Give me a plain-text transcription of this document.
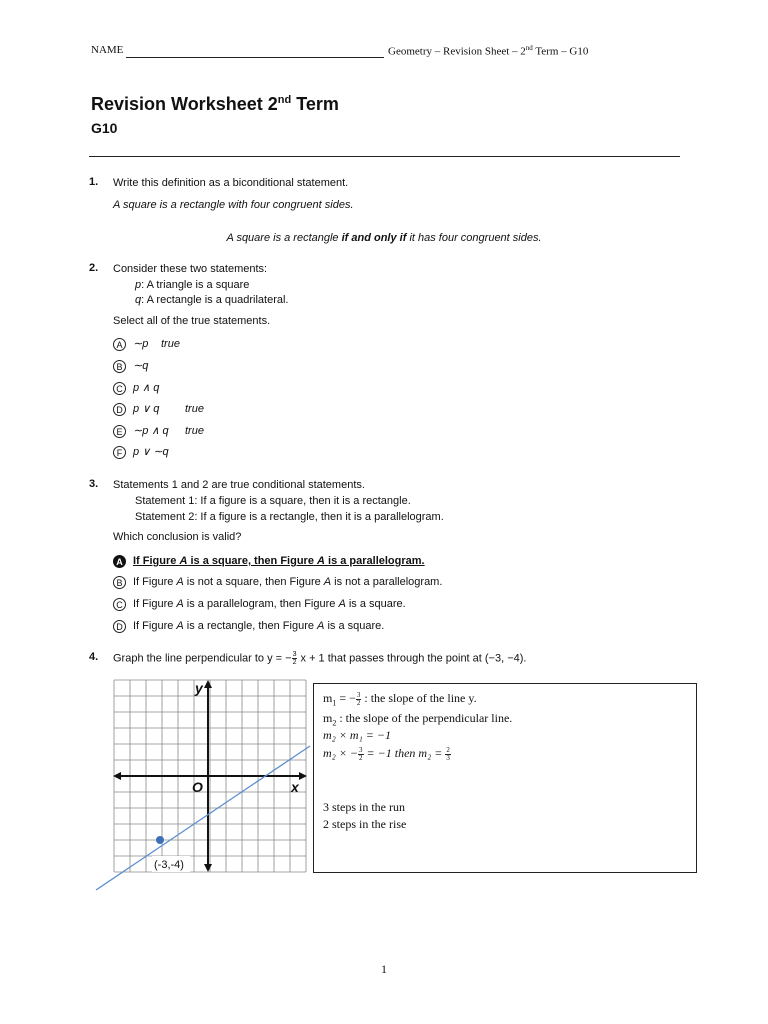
NAME	Geometry – Revision Sheet – 2nd Term – G10
Revision Worksheet 2nd Term
G10
1. Write this definition as a biconditional statement.
A square is a rectangle with four congruent sides.
A square is a rectangle if and only if it has four congruent sides.
2. Consider these two statements:
p: A triangle is a square
q: A rectangle is a quadrilateral.
Select all of the true statements.
A ∼p true
B ∼q
C p ∧ q
D p ∨ q true
E ∼p ∧ q true
F p ∨ ∼q
3. Statements 1 and 2 are true conditional statements.
Statement 1: If a figure is a square, then it is a rectangle.
Statement 2: If a figure is a rectangle, then it is a parallelogram.
Which conclusion is valid?
A If Figure A is a square, then Figure A is a parallelogram.
B If Figure A is not a square, then Figure A is not a parallelogram.
C If Figure A is a parallelogram, then Figure A is a square.
D If Figure A is a rectangle, then Figure A is a square.
4. Graph the line perpendicular to y = − $\frac{3}{2}$ x + 1 that passes through the point at (−3, −4).
y
x
O
(-3,-4)
$m_1$ = − $\frac{3}{2}$ : the slope of the line y.
$m_2$ : the slope of the perpendicular line.
m₂ × m₁ = −1
m₂ × − $\frac{3}{2} = -1$ then $m_2 = \frac{2}{3}$
3 steps in the run
2 steps in the rise
1
